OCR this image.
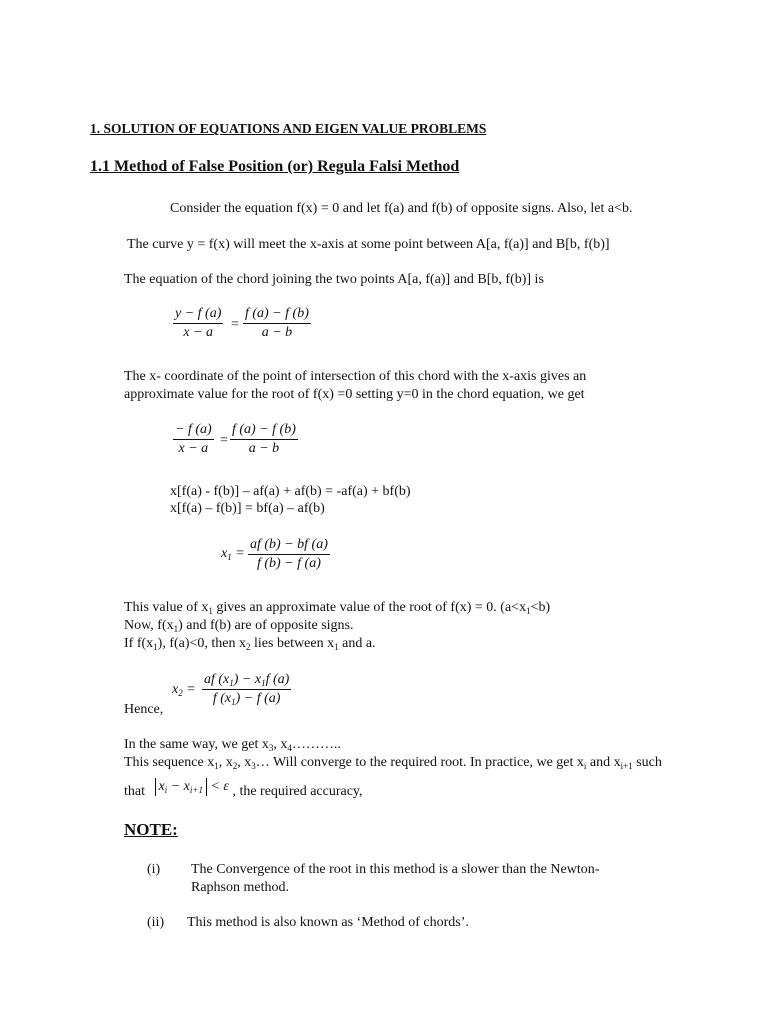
1. SOLUTION OF EQUATIONS AND EIGEN VALUE PROBLEMS
1.1 Method of False Position (or) Regula Falsi Method
Consider the equation f(x) = 0 and let f(a) and f(b) of opposite signs. Also, let a<b.
The curve y = f(x) will meet the x-axis at some point between A[a, f(a)] and B[b, f(b)]
The equation of the chord joining the two points A[a, f(a)] and B[b, f(b)] is
$\frac{y - f (a)}{x - a} = \frac{f (a) - f (b)}{a - b}$
The x- coordinate of the point of intersection of this chord with the x-axis gives an
approximate value for the root of f(x) =0 setting y=0 in the chord equation, we get
$\frac{- f (a)}{x - a} = \frac{f (a) - f (b)}{a - b}$
x[f(a) - f(b)] – af(a) + af(b) = -af(a) + bf(b)
x[f(a) – f(b)] = bf(a) – af(b)
$x_1 = \frac{af (b) - bf (a)}{f (b) - f (a)}$
This value of $x_1$ gives an approximate value of the root of f(x) = 0. $(a<x_1<b)$
Now, $f(x_1)$ and f(b) are of opposite signs.
If $f(x_1)$, f(a)<0, then $x_2$ lies between $x_1$ and a.
$x_2 = \frac{af (x_1) - x_1f (a)}{f (x_1) - f (a)}$
Hence,
In the same way, we get $x_3$, $x_4\dots\dots\dots$..
This sequence $x_1$, $x_2$, $x_3\dots$ Will converge to the required root. In practice, we get $x_i$ and $x_{i+1}$ such
that $x_i - x_{i+1} < \varepsilon$ , the required accuracy,
NOTE:
(i) The Convergence of the root in this method is a slower than the Newton-
Raphson method.
(ii) This method is also known as ‘Method of chords’.
